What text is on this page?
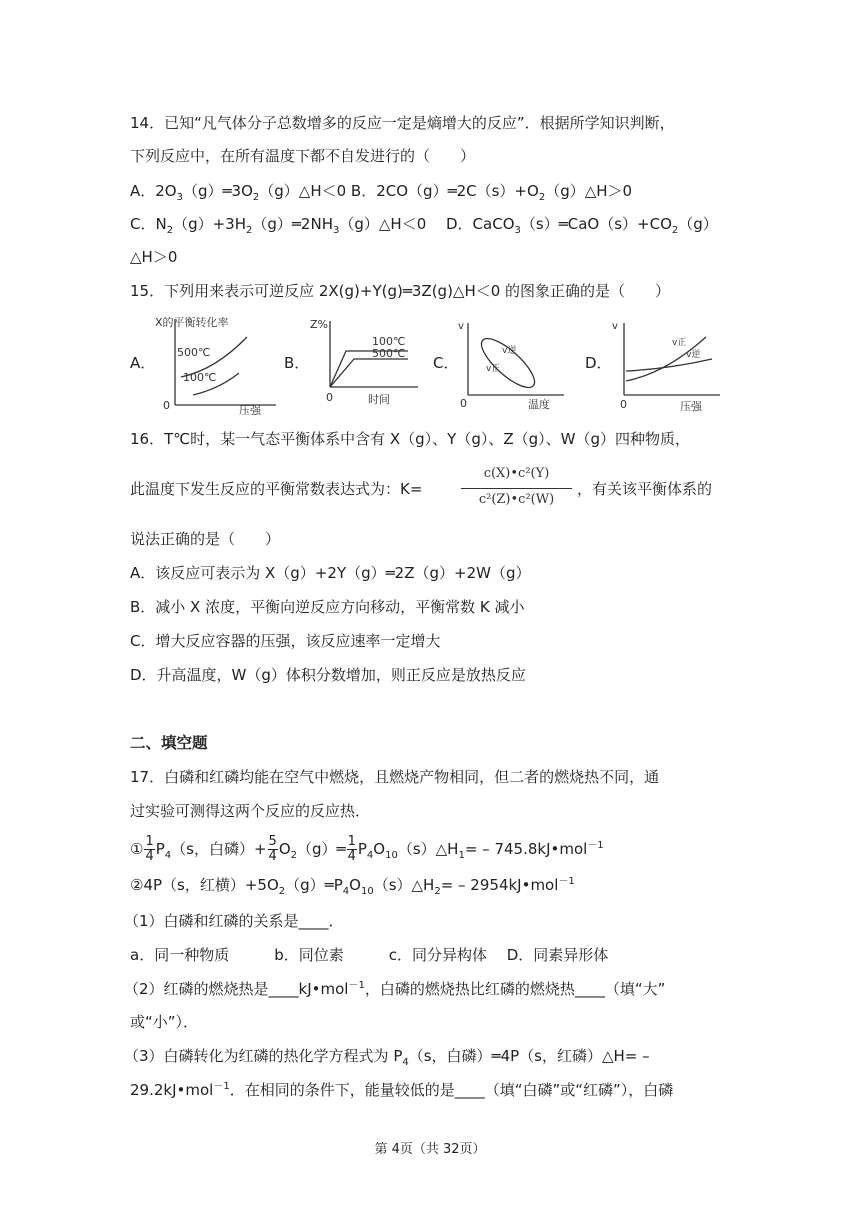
14．已知“凡气体分子总数增多的反应一定是熵增大的反应”．根据所学知识判断，
下列反应中，在所有温度下都不自发进行的（　　）
A．$2O_3(g)═3O_2(g)\triangle H<0$ B．$2CO(g)═2C(s)+O_2(g)\triangle H>0$
C．$N_2(g)+3H_2(g)═2NH_3(g)\triangle H<0$　 D．$CaCO_3(s)═CaO(s)+CO_2(g)$
△H＞0
15．下列用来表示可逆反应 2X(g)+Y(g)═3Z(g)△H＜0 的图象正确的是（　　）
A．
X的平衡转化率
500℃
100℃
0	压强
B．
Z%
100℃
500℃
0	时间
C．
v
v逆
v正
0	温度
D．
v
v正
v逆
0	压强
16．T℃时，某一气态平衡体系中含有 X（g）、Y（g）、Z（g）、W（g）四种物质，
此温度下发生反应的平衡常数表达式为：K=
c(X)•c²(Y)
c²(Z)•c²(W)
，有关该平衡体系的
说法正确的是（　　）
A．该反应可表示为 X（g）+2Y（g）═2Z（g）+2W（g）
B．减小 X 浓度，平衡向逆反应方向移动，平衡常数 K 减小
C．增大反应容器的压强，该反应速率一定增大
D．升高温度，W（g）体积分数增加，则正反应是放热反应
二、填空题
17．白磷和红磷均能在空气中燃烧，且燃烧产物相同，但二者的燃烧热不同，通
过实验可测得这两个反应的反应热．
① $\frac{1}{4} P_4(s$，白磷）+ $\frac{5}{4}$ $O_2(g)═ \frac{1}{4}$ $P_4O_{10}(s)\triangle H_1=$ – 745.8kJ•mol$^{-1}$
②4P（s，红横）$+5O_2(g)═P_4O_{10}(s)\triangle H_2=$ – 2954kJ•mol$^{-1}$
（1）白磷和红磷的关系是____．
a．同一种物质　　　b．同位素　　　c．同分异构体　 D．同素异形体
（2）红磷的燃烧热是____kJ•mol$^{-1}$，白磷的燃烧热比红磷的燃烧热____（填“大”
或“小”）．
（3）白磷转化为红磷的热化学方程式为 $P_4(s$，白磷）═4P（s，红磷）△H= –
29.2kJ•mol$^{-1}$．在相同的条件下，能量较低的是____（填“白磷”或“红磷”），白磷
第 4页（共 32页）
